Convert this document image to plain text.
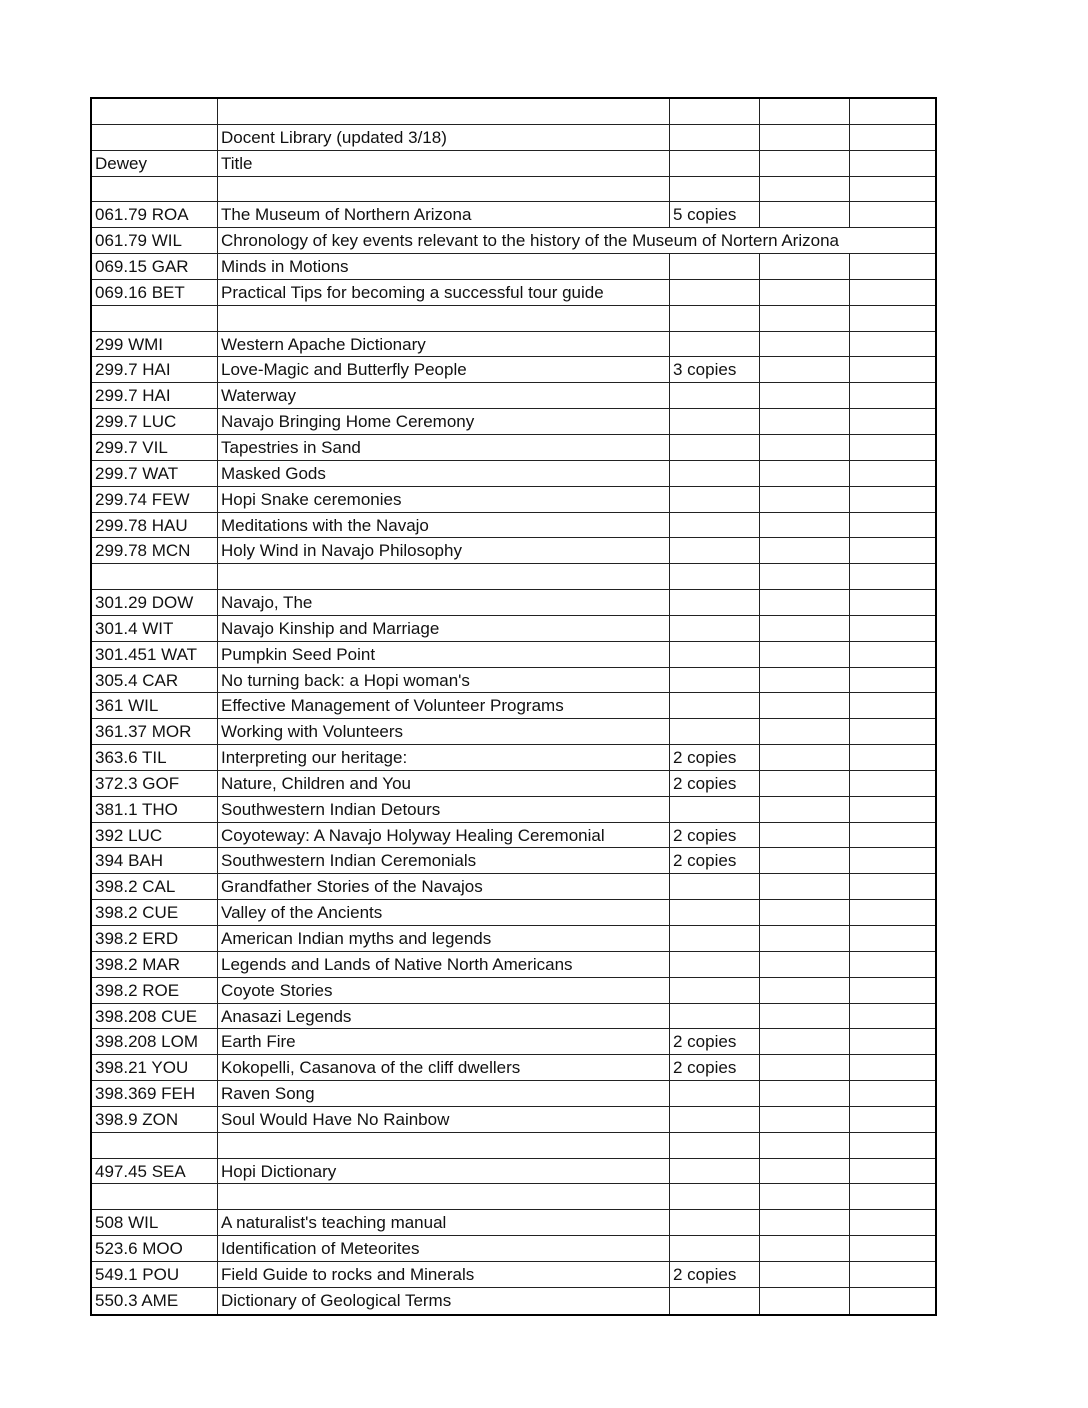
Docent Library (updated 3/18)
Dewey	Title
061.79 ROA	The Museum of Northern Arizona	5 copies
061.79 WIL	Chronology of key events relevant to the history of the Museum of Nortern Arizona
069.15 GAR	Minds in Motions
069.16 BET	Practical Tips for becoming a successful tour guide
299 WMI	Western Apache Dictionary
299.7 HAI	Love-Magic and Butterfly People	3 copies
299.7 HAI	Waterway
299.7 LUC	Navajo Bringing Home Ceremony
299.7 VIL	Tapestries in Sand
299.7 WAT	Masked Gods
299.74 FEW	Hopi Snake ceremonies
299.78 HAU	Meditations with the Navajo
299.78 MCN	Holy Wind in Navajo Philosophy
301.29 DOW	Navajo, The
301.4 WIT	Navajo Kinship and Marriage
301.451 WAT	Pumpkin Seed Point
305.4 CAR	No turning back: a Hopi woman's
361 WIL	Effective Management of Volunteer Programs
361.37 MOR	Working with Volunteers
363.6 TIL	Interpreting our heritage:	2 copies
372.3 GOF	Nature, Children and You	2 copies
381.1 THO	Southwestern Indian Detours
392 LUC	Coyoteway: A Navajo Holyway Healing Ceremonial	2 copies
394 BAH	Southwestern Indian Ceremonials	2 copies
398.2 CAL	Grandfather Stories of the Navajos
398.2 CUE	Valley of the Ancients
398.2 ERD	American Indian myths and legends
398.2 MAR	Legends and Lands of Native North Americans
398.2 ROE	Coyote Stories
398.208 CUE	Anasazi Legends
398.208 LOM	Earth Fire	2 copies
398.21 YOU	Kokopelli, Casanova of the cliff dwellers	2 copies
398.369 FEH	Raven Song
398.9 ZON	Soul Would Have No Rainbow
497.45 SEA	Hopi Dictionary
508 WIL	A naturalist's teaching manual
523.6 MOO	Identification of Meteorites
549.1 POU	Field Guide to rocks and Minerals	2 copies
550.3 AME	Dictionary of Geological Terms
